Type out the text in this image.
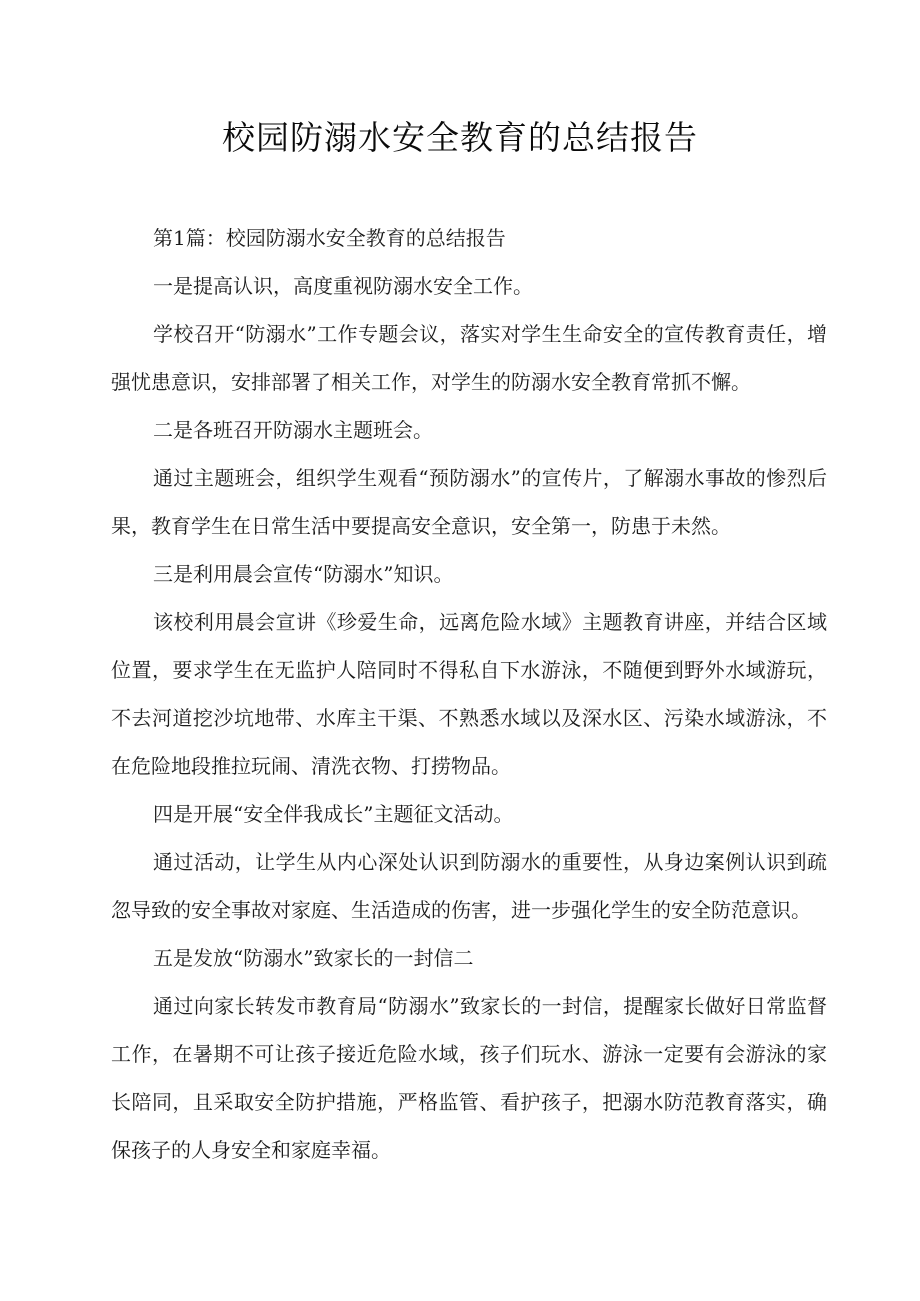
校园防溺水安全教育的总结报告

第1篇：校园防溺水安全教育的总结报告

一是提高认识，高度重视防溺水安全工作。

学校召开“防溺水”工作专题会议，落实对学生生命安全的宣传教育责任，增强忧患意识，安排部署了相关工作，对学生的防溺水安全教育常抓不懈。

二是各班召开防溺水主题班会。

通过主题班会，组织学生观看“预防溺水”的宣传片，了解溺水事故的惨烈后果，教育学生在日常生活中要提高安全意识，安全第一，防患于未然。

三是利用晨会宣传“防溺水”知识。

该校利用晨会宣讲《珍爱生命，远离危险水域》主题教育讲座，并结合区域位置，要求学生在无监护人陪同时不得私自下水游泳，不随便到野外水域游玩，不去河道挖沙坑地带、水库主干渠、不熟悉水域以及深水区、污染水域游泳，不在危险地段推拉玩闹、清洗衣物、打捞物品。

四是开展“安全伴我成长”主题征文活动。

通过活动，让学生从内心深处认识到防溺水的重要性，从身边案例认识到疏忽导致的安全事故对家庭、生活造成的伤害，进一步强化学生的安全防范意识。

五是发放“防溺水”致家长的一封信二

通过向家长转发市教育局“防溺水”致家长的一封信，提醒家长做好日常监督工作，在暑期不可让孩子接近危险水域，孩子们玩水、游泳一定要有会游泳的家长陪同，且采取安全防护措施，严格监管、看护孩子，把溺水防范教育落实，确保孩子的人身安全和家庭幸福。
